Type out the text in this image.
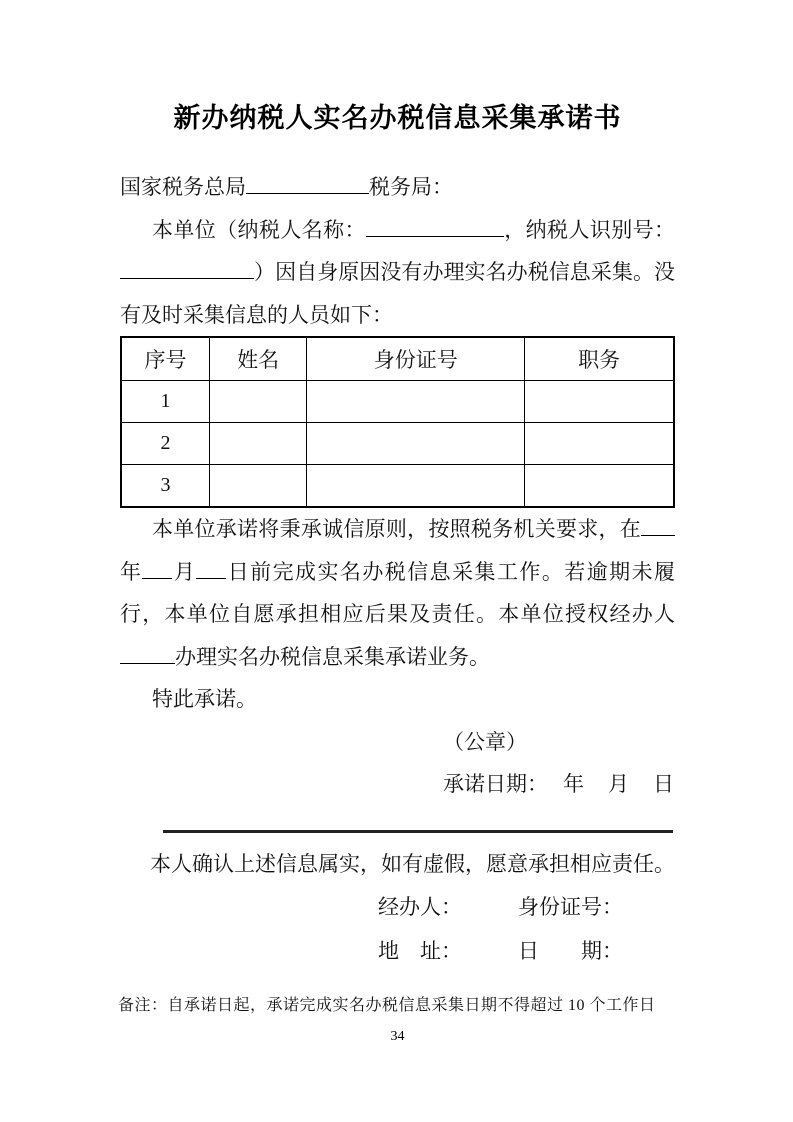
新办纳税人实名办税信息采集承诺书
国家税务总局	税务局：

本单位（纳税人名称：	，纳税人识别号：）因自身原因没有办理实名办税信息采集。没有及时采集信息的人员如下：

序号	姓名	身份证号	职务
1			
2			
3			

本单位承诺将秉承诚信原则，按照税务机关要求，在年 月 日前完成实名办税信息采集工作。若逾期未履行，本单位自愿承担相应后果及责任。本单位授权经办人办理实名办税信息采集承诺业务。

特此承诺。
（公章）
承诺日期： 年 月 日
本人确认上述信息属实，如有虚假，愿意承担相应责任。
经办人：	身份证号：
地　址：	日　　期：
备注：自承诺日起，承诺完成实名办税信息采集日期不得超过 10 个工作日
34
